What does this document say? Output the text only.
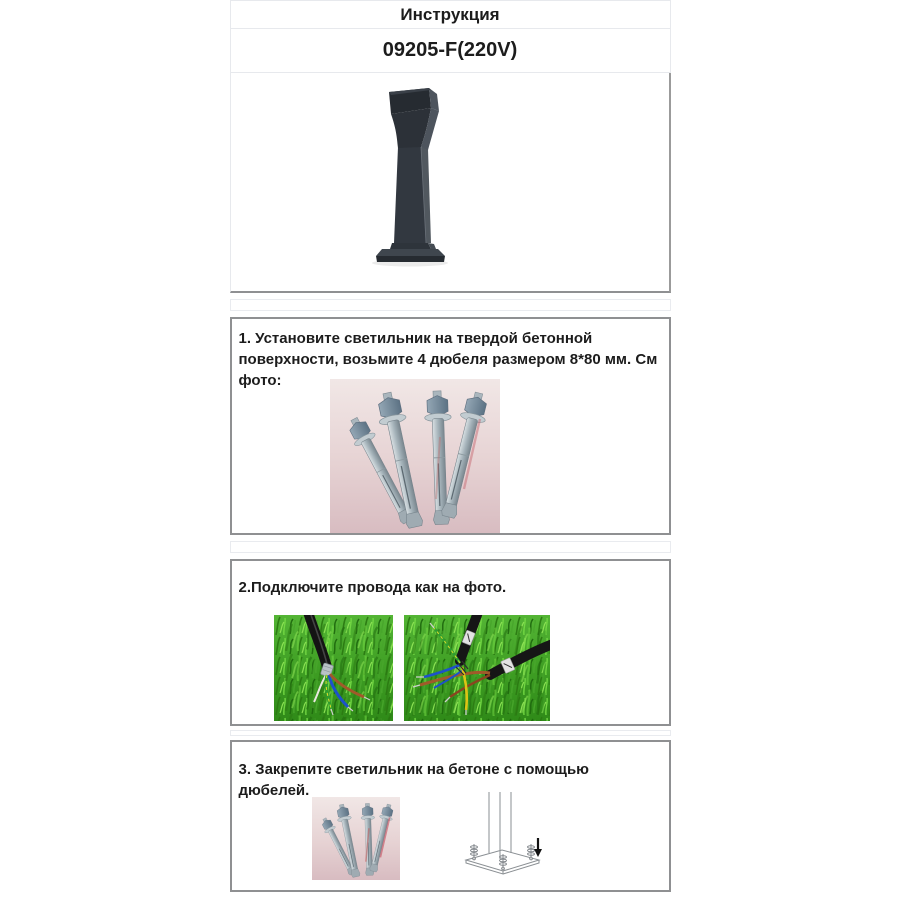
Инструкция
09205-F(220V)
1. Установите светильник на твердой бетонной поверхности, возьмите 4 дюбеля размером 8*80 мм. См фото:
2.Подключите провода как на фото.
3. Закрепите светильник на бетоне с помощью дюбелей.
